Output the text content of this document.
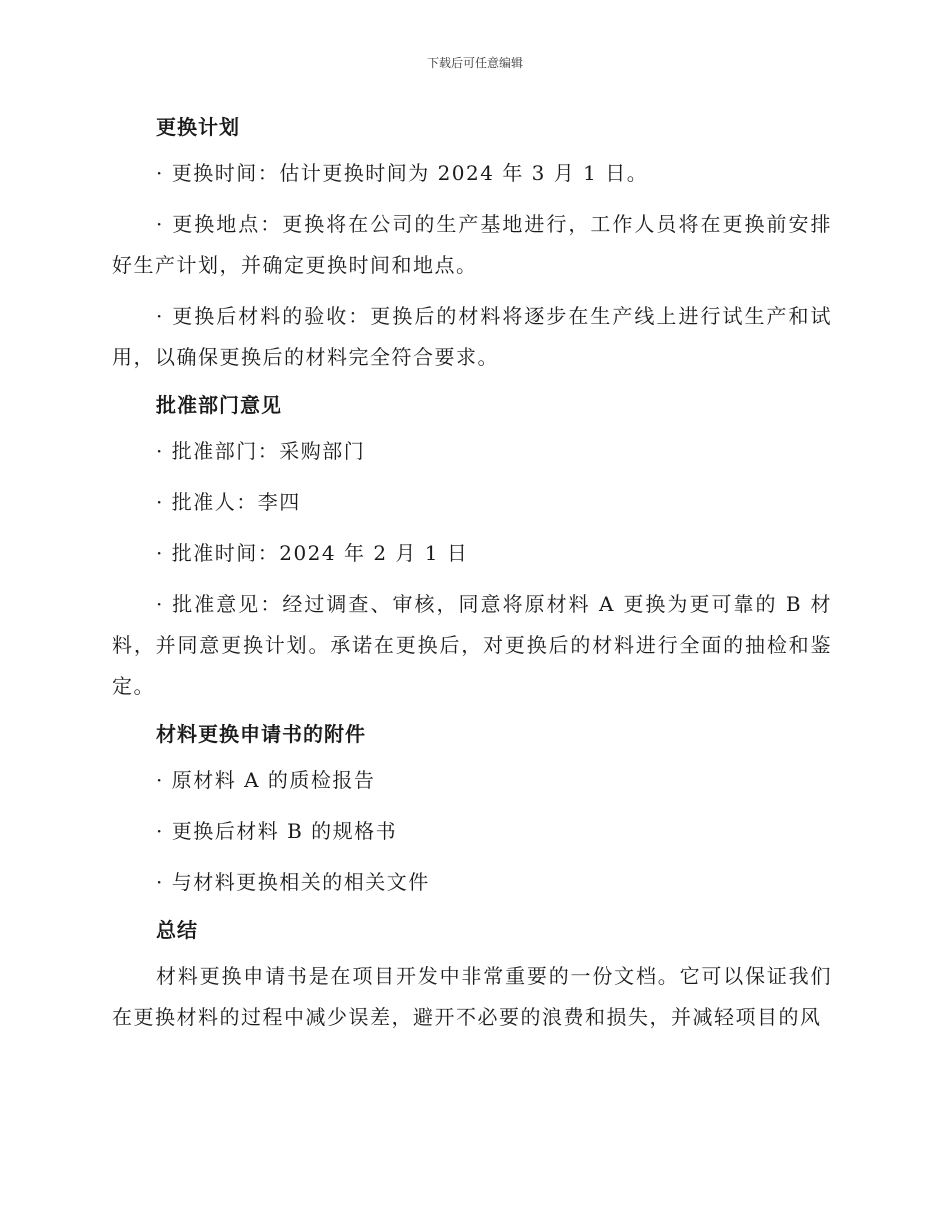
下载后可任意编辑
更换计划
· 更换时间：估计更换时间为 2024 年 3 月 1 日。
· 更换地点：更换将在公司的生产基地进行，工作人员将在更换前安排好生产计划，并确定更换时间和地点。
· 更换后材料的验收：更换后的材料将逐步在生产线上进行试生产和试用，以确保更换后的材料完全符合要求。
批准部门意见
· 批准部门：采购部门
· 批准人：李四
· 批准时间：2024 年 2 月 1 日
· 批准意见：经过调查、审核，同意将原材料 A 更换为更可靠的 B 材料，并同意更换计划。承诺在更换后，对更换后的材料进行全面的抽检和鉴定。
材料更换申请书的附件
· 原材料 A 的质检报告
· 更换后材料 B 的规格书
· 与材料更换相关的相关文件
总结
材料更换申请书是在项目开发中非常重要的一份文档。它可以保证我们在更换材料的过程中减少误差，避开不必要的浪费和损失，并减轻项目的风
